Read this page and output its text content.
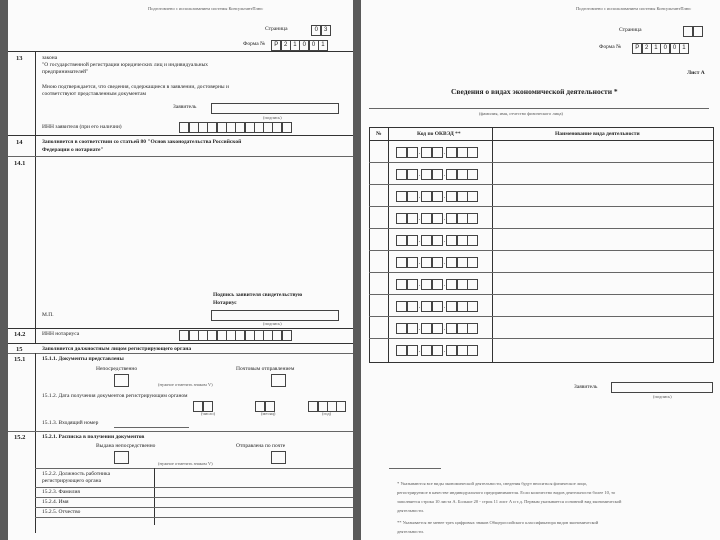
Подготовлено с использованием системы КонсультантПлюс
Страница	0 3
Форма №	Р 2 1 0 0 1
13	закона
"О государственной регистрации юридических лиц и индивидуальных
предпринимателей"
Мною подтверждается, что сведения, содержащиеся в заявлении, достоверны и
соответствуют представленным документам
Заявитель
(подпись)
ИНН заявителя (при его наличии)
14	Заполняется в соответствии со статьей 80 "Основ законодательства Российской
Федерации о нотариате"
14.1
Подпись заявителя свидетельствую
Нотариус
М.П.
(подпись)
14.2	ИНН нотариуса
15	Заполняется должностным лицом регистрирующего органа
15.1	15.1.1. Документы представлены
Непосредственно	Почтовым отправлением
(нужное отметить знаком V)
15.1.2. Дата получения документов регистрирующим органом
(число)	(месяц)	(год)
15.1.3. Входящий номер
15.2	15.2.1. Расписка в получении документов
Выдана непосредственно	Отправлена по почте
(нужное отметить знаком V)
15.2.2. Должность работника
регистрирующего органа
15.2.3. Фамилия
15.2.4. Имя
15.2.5. Отчество
Подготовлено с использованием системы КонсультантПлюс
Страница
Форма №	Р 2 1 0 0 1
Лист А
Сведения о видах экономической деятельности *
(фамилия, имя, отчество физического лица)
№	Код по ОКВЭД **	Наименование вида деятельности
.	.
.	.
.	.
.	.
.	.
.	.
.	.
.	.
.	.
.	.
Заявитель
(подпись)
* Указываются все виды экономической деятельности, сведения будут вноситься физическое лицо,
регистрируемое в качестве индивидуального предпринимателя. Если количество видов деятельности более 10, то
заполняется строка 10 листа А. Больше 20 - строк 11 лист А и т.д. Первым указывается основной вид экономической
деятельности.
** Указывается не менее трех цифровых знаков Общероссийского классификатора видов экономической
деятельности.
